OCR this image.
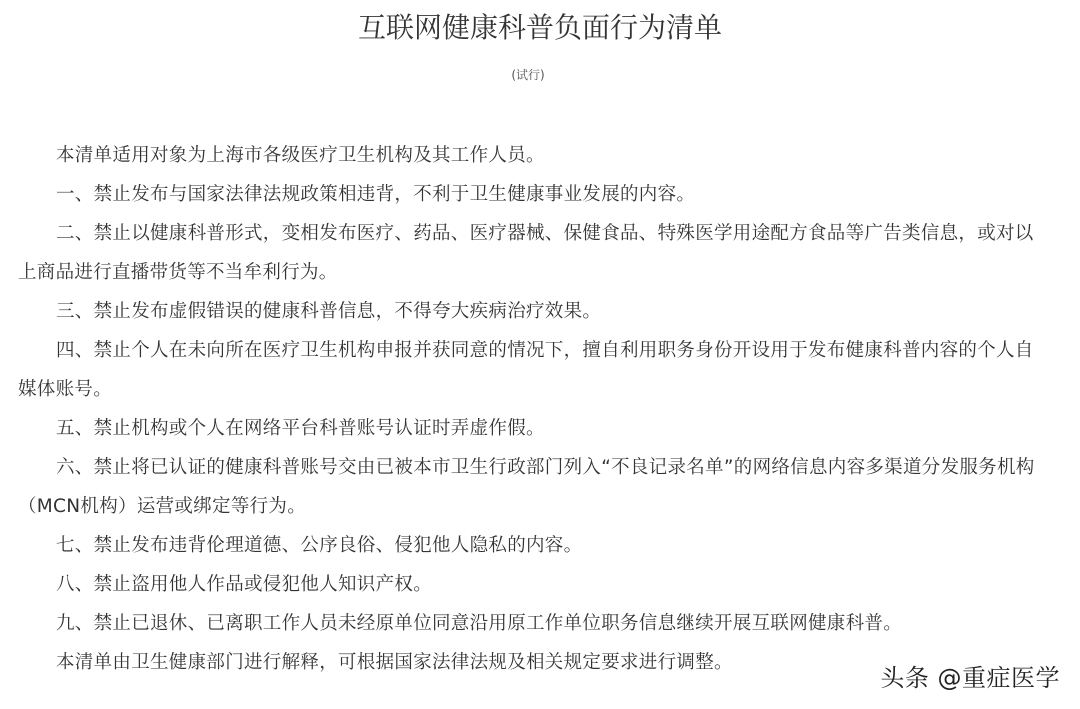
互联网健康科普负面行为清单
(试行)

本清单适用对象为上海市各级医疗卫生机构及其工作人员。

一、禁止发布与国家法律法规政策相违背，不利于卫生健康事业发展的内容。

二、禁止以健康科普形式，变相发布医疗、药品、医疗器械、保健食品、特殊医学用途配方食品等广告类信息，或对以上商品进行直播带货等不当牟利行为。

三、禁止发布虚假错误的健康科普信息，不得夸大疾病治疗效果。

四、禁止个人在未向所在医疗卫生机构申报并获同意的情况下，擅自利用职务身份开设用于发布健康科普内容的个人自媒体账号。

五、禁止机构或个人在网络平台科普账号认证时弄虚作假。

六、禁止将已认证的健康科普账号交由已被本市卫生行政部门列入“不良记录名单”的网络信息内容多渠道分发服务机构（MCN机构）运营或绑定等行为。

七、禁止发布违背伦理道德、公序良俗、侵犯他人隐私的内容。

八、禁止盗用他人作品或侵犯他人知识产权。

九、禁止已退休、已离职工作人员未经原单位同意沿用原工作单位职务信息继续开展互联网健康科普。

本清单由卫生健康部门进行解释，可根据国家法律法规及相关规定要求进行调整。

头条 @重症医学
